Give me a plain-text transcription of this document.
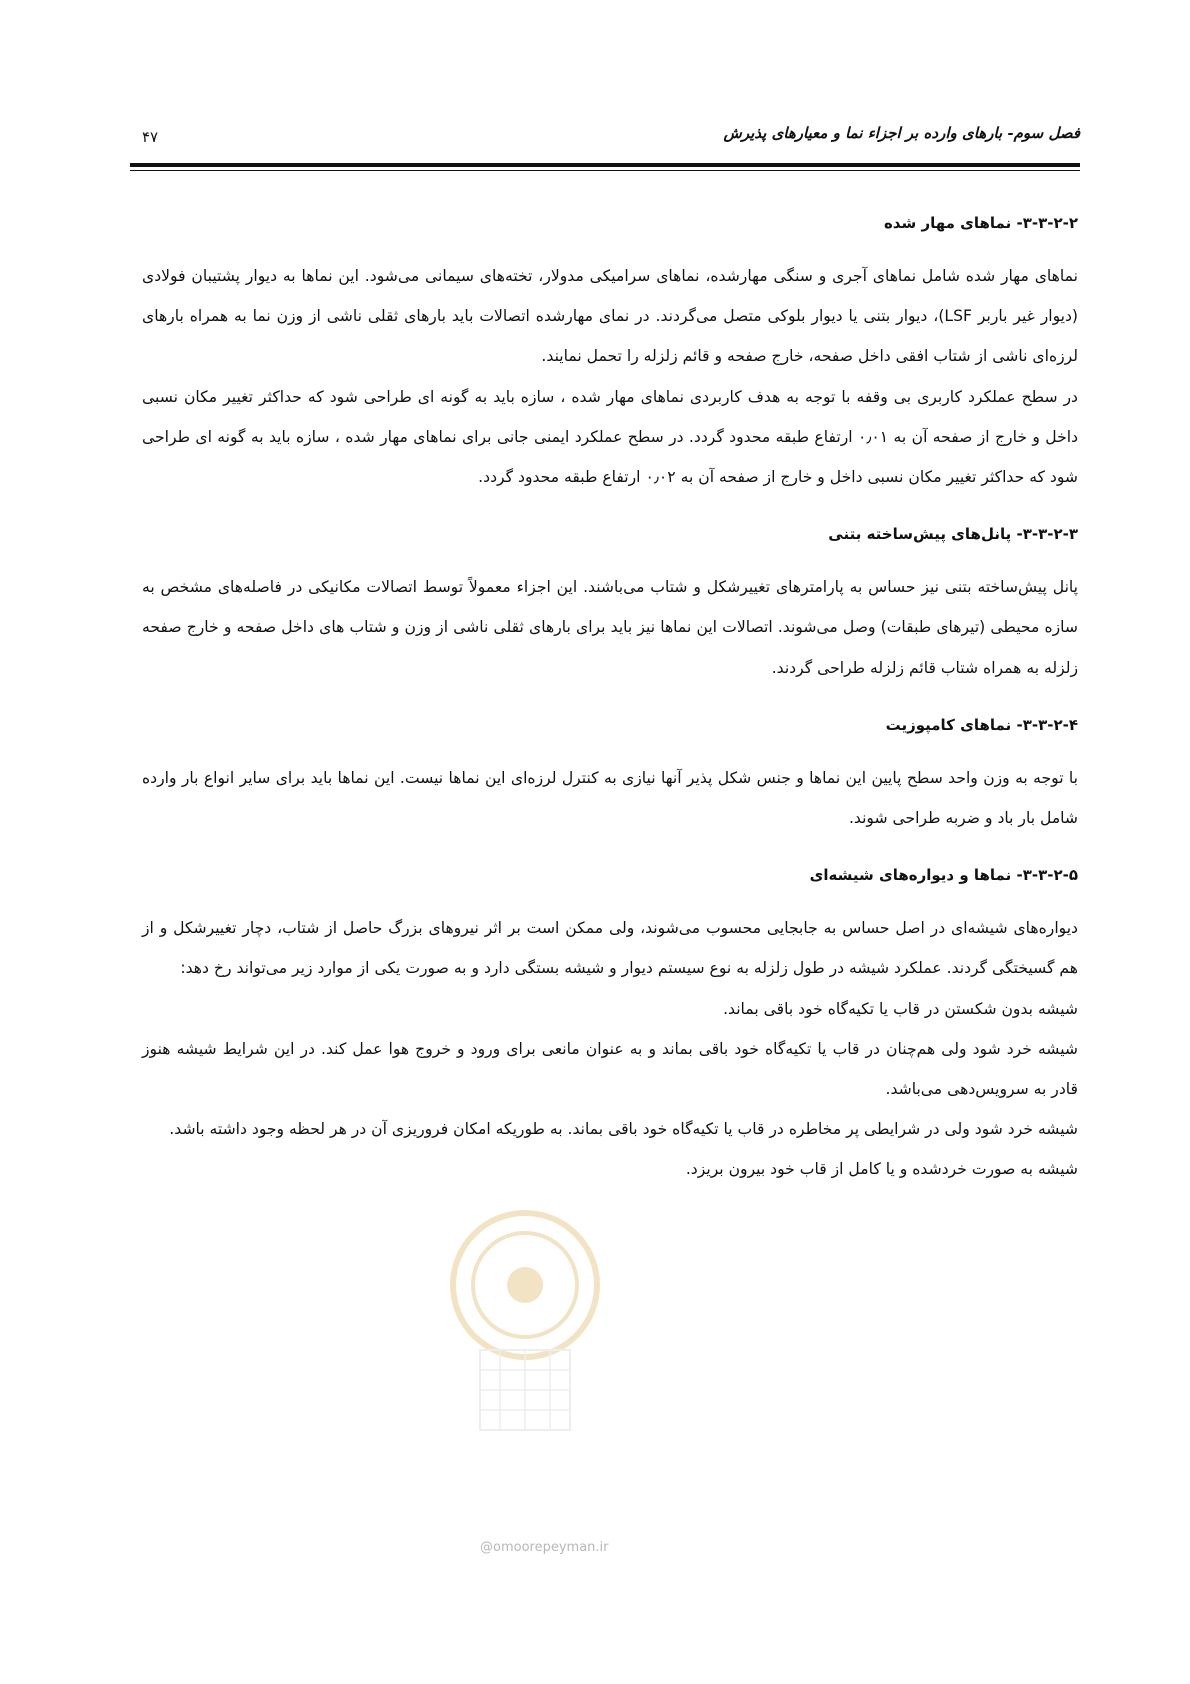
فصل سوم- بارهای وارده بر اجزاء نما و معیارهای پذیرش
۴۷
۳-۳-۲-۲- نماهای مهار شده

نماهای مهار شده شامل نماهای آجری و سنگی مهارشده، نماهای سرامیکی مدولار، تخته‌های سیمانی می‌شود. این نماها به دیوار پشتیبان فولادی (دیوار غیر باربر LSF)، دیوار بتنی یا دیوار بلوکی متصل می‌گردند. در نمای مهارشده اتصالات باید بارهای ثقلی ناشی از وزن نما به همراه بارهای لرزه‌ای ناشی از شتاب افقی داخل صفحه، خارج صفحه و قائم زلزله را تحمل نمایند.

در سطح عملکرد کاربری بی وقفه با توجه به هدف کاربردی نماهای مهار شده ، سازه باید به گونه ای طراحی شود که حداکثر تغییر مکان نسبی داخل و خارج از صفحه آن به ۰٫۰۱ ارتفاع طبقه محدود گردد. در سطح عملکرد ایمنی جانی برای نماهای مهار شده ، سازه باید به گونه ای طراحی شود که حداکثر تغییر مکان نسبی داخل و خارج از صفحه آن به ۰٫۰۲ ارتفاع طبقه محدود گردد.

۳-۳-۲-۳- پانل‌های پیش‌ساخته بتنی

پانل پیش‌ساخته بتنی نیز حساس به پارامترهای تغییرشکل و شتاب می‌باشند. این اجزاء معمولاً توسط اتصالات مکانیکی در فاصله‌های مشخص به سازه محیطی (تیرهای طبقات) وصل می‌شوند. اتصالات این نماها نیز باید برای بارهای ثقلی ناشی از وزن و شتاب های داخل صفحه و خارج صفحه زلزله به همراه شتاب قائم زلزله طراحی گردند.

۳-۳-۲-۴- نماهای کامپوزیت

با توجه به وزن واحد سطح پایین این نماها و جنس شکل پذیر آنها نیازی به کنترل لرزه‌ای این نماها نیست. این نماها باید برای سایر انواع بار وارده شامل بار باد و ضربه طراحی شوند.

۳-۳-۲-۵- نماها و دیواره‌های شیشه‌ای

دیواره‌های شیشه‌ای در اصل حساس به جابجایی محسوب می‌شوند، ولی ممکن است بر اثر نیروهای بزرگ حاصل از شتاب، دچار تغییرشکل و از هم گسیختگی گردند. عملکرد شیشه در طول زلزله به نوع سیستم دیوار و شیشه بستگی دارد و به صورت یکی از موارد زیر می‌تواند رخ دهد:

شیشه بدون شکستن در قاب یا تکیه‌گاه خود باقی بماند.

شیشه خرد شود ولی هم‌چنان در قاب یا تکیه‌گاه خود باقی بماند و به عنوان مانعی برای ورود و خروج هوا عمل کند. در این شرایط شیشه هنوز قادر به سرویس‌دهی می‌باشد.

شیشه خرد شود ولی در شرایطی پر مخاطره در قاب یا تکیه‌گاه خود باقی بماند. به طوریکه امکان فروریزی آن در هر لحظه وجود داشته باشد.

شیشه به صورت خردشده و یا کامل از قاب خود بیرون بریزد.

@omoorepeyman.ir
